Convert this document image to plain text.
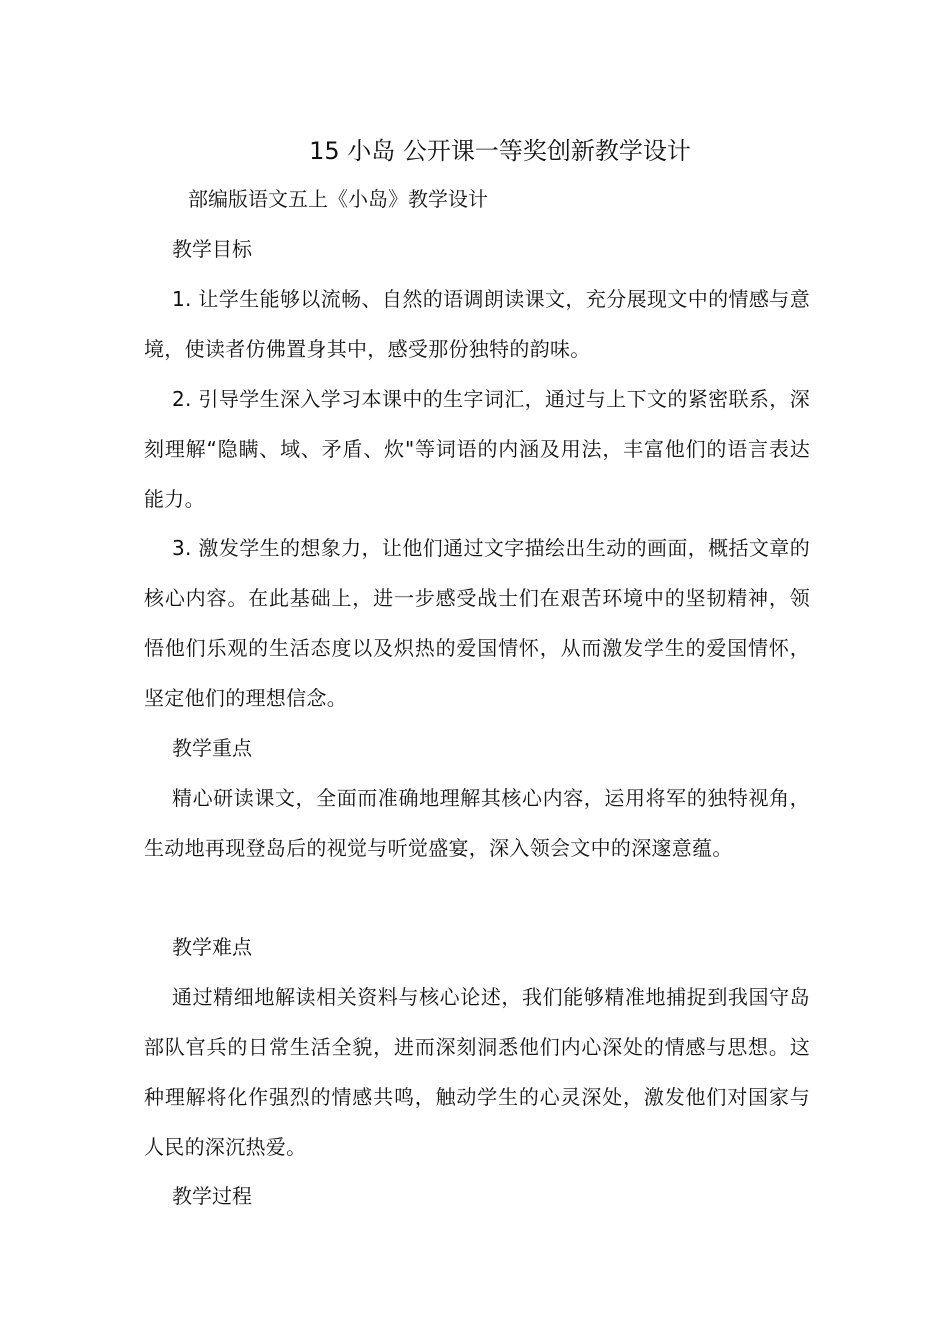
15 小岛 公开课一等奖创新教学设计
部编版语文五上《小岛》教学设计
教学目标
1. 让学生能够以流畅、自然的语调朗读课文，充分展现文中的情感与意境，使读者仿佛置身其中，感受那份独特的韵味。
2. 引导学生深入学习本课中的生字词汇，通过与上下文的紧密联系，深刻理解“隐瞒、域、矛盾、炊"等词语的内涵及用法，丰富他们的语言表达能力。
3. 激发学生的想象力，让他们通过文字描绘出生动的画面，概括文章的核心内容。在此基础上，进一步感受战士们在艰苦环境中的坚韧精神，领悟他们乐观的生活态度以及炽热的爱国情怀，从而激发学生的爱国情怀，坚定他们的理想信念。
教学重点
精心研读课文，全面而准确地理解其核心内容，运用将军的独特视角，生动地再现登岛后的视觉与听觉盛宴，深入领会文中的深邃意蕴。
教学难点
通过精细地解读相关资料与核心论述，我们能够精准地捕捉到我国守岛部队官兵的日常生活全貌，进而深刻洞悉他们内心深处的情感与思想。这种理解将化作强烈的情感共鸣，触动学生的心灵深处，激发他们对国家与人民的深沉热爱。
教学过程
